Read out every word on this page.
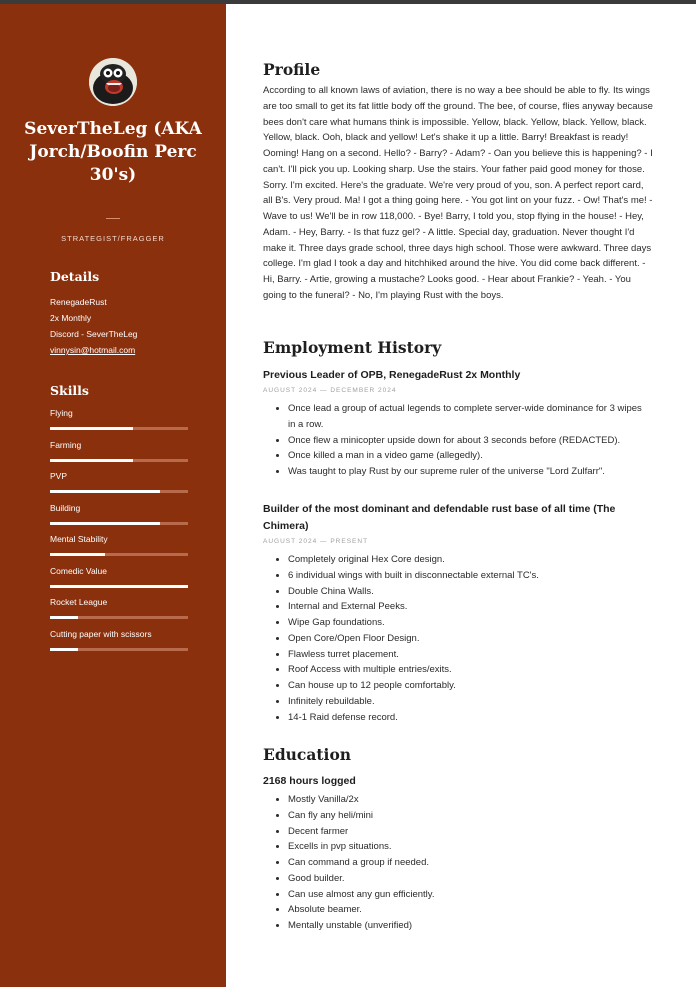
SeverTheLeg (AKA Jorch/Boofin Perc 30's)
STRATEGIST/FRAGGER
Details
RenegadeRust
2x Monthly
Discord - SeverTheLeg
vinnysin@hotmail.com
Skills
Flying
Farming
PVP
Building
Mental Stability
Comedic Value
Rocket League
Cutting paper with scissors
Profile
According to all known laws of aviation, there is no way a bee should be able to fly. Its wings are too small to get its fat little body off the ground. The bee, of course, flies anyway because bees don't care what humans think is impossible. Yellow, black. Yellow, black. Yellow, black. Yellow, black. Ooh, black and yellow! Let's shake it up a little. Barry! Breakfast is ready! Ooming! Hang on a second. Hello? - Barry? - Adam? - Oan you believe this is happening? - I can't. I'll pick you up. Looking sharp. Use the stairs. Your father paid good money for those. Sorry. I'm excited. Here's the graduate. We're very proud of you, son. A perfect report card, all B's. Very proud. Ma! I got a thing going here. - You got lint on your fuzz. - Ow! That's me! - Wave to us! We'll be in row 118,000. - Bye! Barry, I told you, stop flying in the house! - Hey, Adam. - Hey, Barry. - Is that fuzz gel? - A little. Special day, graduation. Never thought I'd make it. Three days grade school, three days high school. Those were awkward. Three days college. I'm glad I took a day and hitchhiked around the hive. You did come back different. - Hi, Barry. - Artie, growing a mustache? Looks good. - Hear about Frankie? - Yeah. - You going to the funeral? - No, I'm playing Rust with the boys.
Employment History
Previous Leader of OPB, RenegadeRust 2x Monthly
AUGUST 2024 — DECEMBER 2024
• Once lead a group of actual legends to complete server-wide dominance for 3 wipes in a row.
• Once flew a minicopter upside down for about 3 seconds before (REDACTED).
• Once killed a man in a video game (allegedly).
• Was taught to play Rust by our supreme ruler of the universe "Lord Zulfarr".
Builder of the most dominant and defendable rust base of all time (The Chimera)
AUGUST 2024 — PRESENT
• Completely original Hex Core design.
• 6 individual wings with built in disconnectable external TC's.
• Double China Walls.
• Internal and External Peeks.
• Wipe Gap foundations.
• Open Core/Open Floor Design.
• Flawless turret placement.
• Roof Access with multiple entries/exits.
• Can house up to 12 people comfortably.
• Infinitely rebuildable.
• 14-1 Raid defense record.
Education
2168 hours logged
• Mostly Vanilla/2x
• Can fly any heli/mini
• Decent farmer
• Excells in pvp situations.
• Can command a group if needed.
• Good builder.
• Can use almost any gun efficiently.
• Absolute beamer.
• Mentally unstable (unverified)
